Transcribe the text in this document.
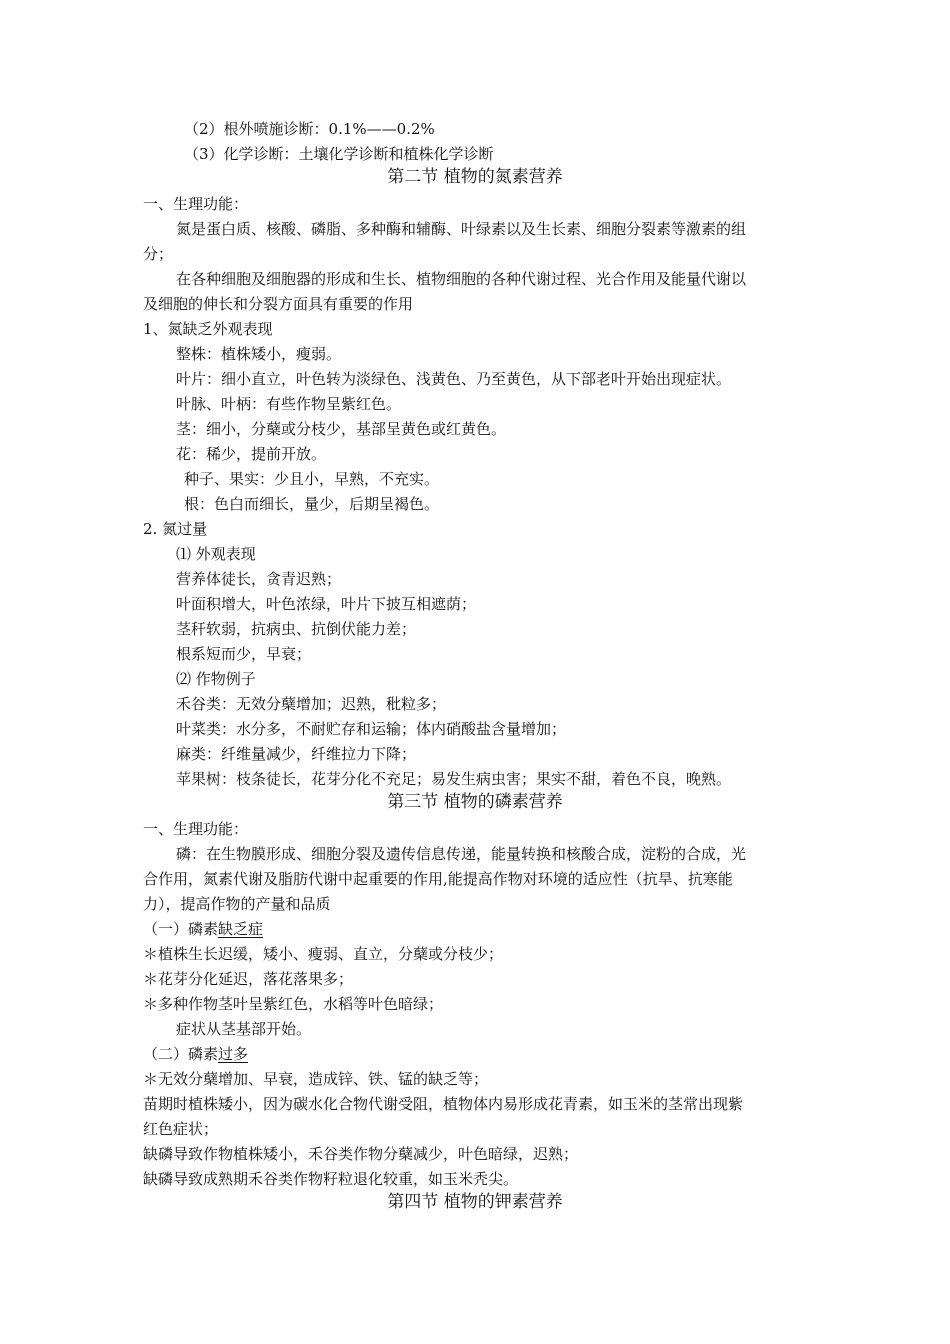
（2）根外喷施诊断：0.1%——0.2%
（3）化学诊断：土壤化学诊断和植株化学诊断
第二节 植物的氮素营养
一、生理功能：
氮是蛋白质、核酸、磷脂、多种酶和辅酶、叶绿素以及生长素、细胞分裂素等激素的组
分；
在各种细胞及细胞器的形成和生长、植物细胞的各种代谢过程、光合作用及能量代谢以
及细胞的伸长和分裂方面具有重要的作用
1、氮缺乏外观表现
整株：植株矮小，瘦弱。
叶片：细小直立，叶色转为淡绿色、浅黄色、乃至黄色，从下部老叶开始出现症状。
叶脉、叶柄：有些作物呈紫红色。
茎：细小，分蘖或分枝少，基部呈黄色或红黄色。
花：稀少，提前开放。
种子、果实：少且小，早熟，不充实。
根：色白而细长，量少，后期呈褐色。
2. 氮过量
⑴ 外观表现
营养体徒长，贪青迟熟；
叶面积增大，叶色浓绿，叶片下披互相遮荫；
茎秆软弱，抗病虫、抗倒伏能力差；
根系短而少，早衰；
⑵ 作物例子
禾谷类：无效分蘖增加；迟熟，秕粒多；
叶菜类：水分多，不耐贮存和运输；体内硝酸盐含量增加；
麻类：纤维量减少，纤维拉力下降；
苹果树：枝条徒长，花芽分化不充足；易发生病虫害；果实不甜，着色不良，晚熟。
第三节 植物的磷素营养
一、生理功能：
磷：在生物膜形成、细胞分裂及遗传信息传递，能量转换和核酸合成，淀粉的合成，光
合作用，氮素代谢及脂肪代谢中起重要的作用,能提高作物对环境的适应性（抗旱、抗寒能
力），提高作物的产量和品质
（一）磷素缺乏症
＊植株生长迟缓，矮小、瘦弱、直立，分蘖或分枝少；
＊花芽分化延迟，落花落果多；
＊多种作物茎叶呈紫红色，水稻等叶色暗绿；
症状从茎基部开始。
（二）磷素过多
＊无效分蘖增加、早衰，造成锌、铁、锰的缺乏等；
苗期时植株矮小，因为碳水化合物代谢受阻，植物体内易形成花青素，如玉米的茎常出现紫
红色症状；
缺磷导致作物植株矮小，禾谷类作物分蘖减少，叶色暗绿，迟熟；
缺磷导致成熟期禾谷类作物籽粒退化较重，如玉米秃尖。
第四节 植物的钾素营养
